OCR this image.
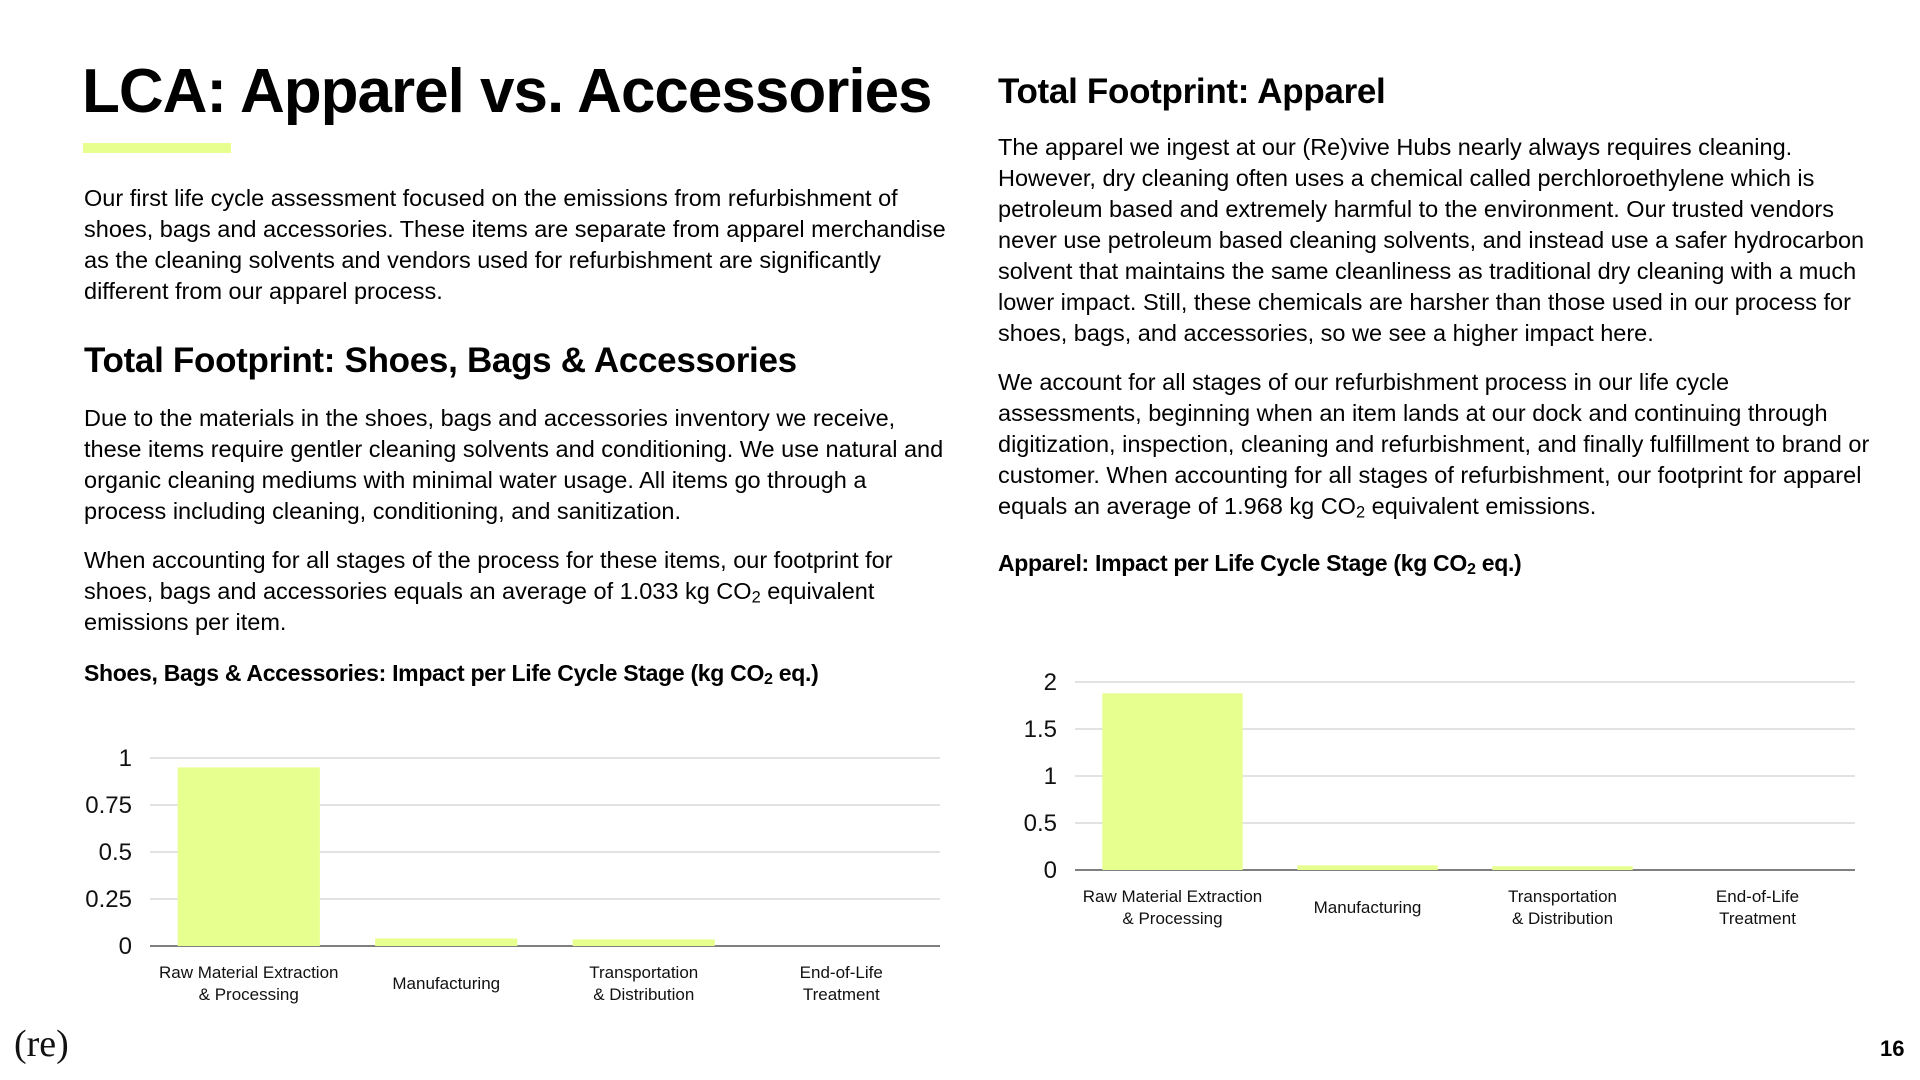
LCA: Apparel vs. Accessories

Our first life cycle assessment focused on the emissions from refurbishment of shoes, bags and accessories. These items are separate from apparel merchandise as the cleaning solvents and vendors used for refurbishment are significantly different from our apparel process.

Total Footprint: Shoes, Bags & Accessories

Due to the materials in the shoes, bags and accessories inventory we receive, these items require gentler cleaning solvents and conditioning. We use natural and organic cleaning mediums with minimal water usage. All items go through a process including cleaning, conditioning, and sanitization.

When accounting for all stages of the process for these items, our footprint for shoes, bags and accessories equals an average of 1.033 kg $CO_2$ equivalent emissions per item.

Shoes, Bags & Accessories: Impact per Life Cycle Stage (kg $CO_2$ eq.)
Total Footprint: Apparel

The apparel we ingest at our (Re)vive Hubs nearly always requires cleaning. However, dry cleaning often uses a chemical called perchloroethylene which is petroleum based and extremely harmful to the environment. Our trusted vendors never use petroleum based cleaning solvents, and instead use a safer hydrocarbon solvent that maintains the same cleanliness as traditional dry cleaning with a much lower impact. Still, these chemicals are harsher than those used in our process for shoes, bags, and accessories, so we see a higher impact here.

We account for all stages of our refurbishment process in our life cycle assessments, beginning when an item lands at our dock and continuing through digitization, inspection, cleaning and refurbishment, and finally fulfillment to brand or customer. When accounting for all stages of refurbishment, our footprint for apparel equals an average of 1.968 kg $CO_2$ equivalent emissions.

Apparel: Impact per Life Cycle Stage (kg $CO_2$ eq.)
0
0.25
0.5
0.75
1
Raw Material Extraction
& Processing
Manufacturing
Transportation
& Distribution
End-of-Life
Treatment
0
0.5
1
1.5
2
Raw Material Extraction
& Processing
Manufacturing
Transportation
& Distribution
End-of-Life
Treatment
(re)	16
